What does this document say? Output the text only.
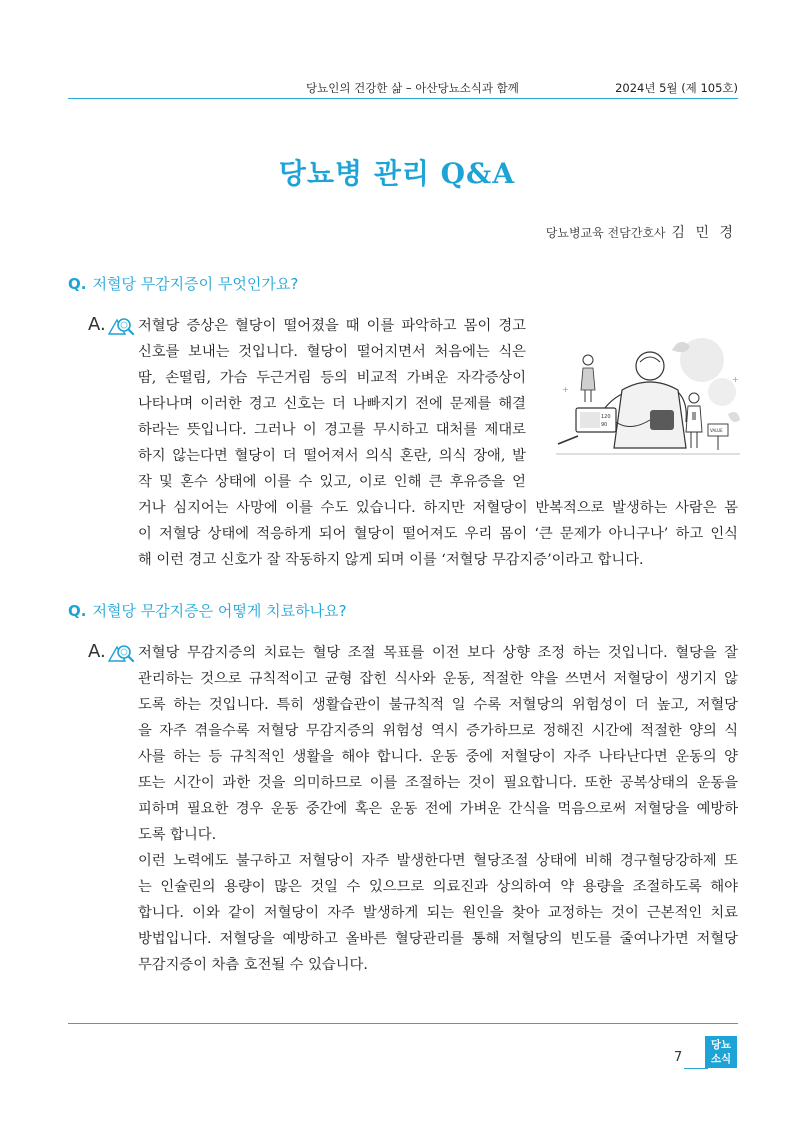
당뇨인의 건강한 삶 – 아산당뇨소식과 함께	2024년 5월 (제 105호)
당뇨병 관리 Q&A
당뇨병교육 전담간호사 김 민 경
Q. 저혈당 무감지증이 무엇인가요?
A. 저혈당 증상은 혈당이 떨어졌을 때 이를 파악하고 몸이 경고
신호를 보내는 것입니다. 혈당이 떨어지면서 처음에는 식은
땀, 손떨림, 가슴 두근거림 등의 비교적 가벼운 자각증상이
나타나며 이러한 경고 신호는 더 나빠지기 전에 문제를 해결
하라는 뜻입니다. 그러나 이 경고를 무시하고 대처를 제대로
하지 않는다면 혈당이 더 떨어져서 의식 혼란, 의식 장애, 발
작 및 혼수 상태에 이를 수 있고, 이로 인해 큰 후유증을 얻
거나 심지어는 사망에 이를 수도 있습니다. 하지만 저혈당이 반복적으로 발생하는 사람은 몸
이 저혈당 상태에 적응하게 되어 혈당이 떨어져도 우리 몸이 ‘큰 문제가 아니구나’ 하고 인식
해 이런 경고 신호가 잘 작동하지 않게 되며 이를 ‘저혈당 무감지증’이라고 합니다.
120
90
VALUE
+
+
Q. 저혈당 무감지증은 어떻게 치료하나요?
A. 저혈당 무감지증의 치료는 혈당 조절 목표를 이전 보다 상향 조정 하는 것입니다. 혈당을 잘
관리하는 것으로 규칙적이고 균형 잡힌 식사와 운동, 적절한 약을 쓰면서 저혈당이 생기지 않
도록 하는 것입니다. 특히 생활습관이 불규칙적 일 수록 저혈당의 위험성이 더 높고, 저혈당
을 자주 겪을수록 저혈당 무감지증의 위험성 역시 증가하므로 정해진 시간에 적절한 양의 식
사를 하는 등 규칙적인 생활을 해야 합니다. 운동 중에 저혈당이 자주 나타난다면 운동의 양
또는 시간이 과한 것을 의미하므로 이를 조절하는 것이 필요합니다. 또한 공복상태의 운동을
피하며 필요한 경우 운동 중간에 혹은 운동 전에 가벼운 간식을 먹음으로써 저혈당을 예방하
도록 합니다.
이런 노력에도 불구하고 저혈당이 자주 발생한다면 혈당조절 상태에 비해 경구혈당강하제 또
는 인슐린의 용량이 많은 것일 수 있으므로 의료진과 상의하여 약 용량을 조절하도록 해야
합니다. 이와 같이 저혈당이 자주 발생하게 되는 원인을 찾아 교정하는 것이 근본적인 치료
방법입니다. 저혈당을 예방하고 올바른 혈당관리를 통해 저혈당의 빈도를 줄여나가면 저혈당
무감지증이 차츰 호전될 수 있습니다.
7
당뇨
소식
